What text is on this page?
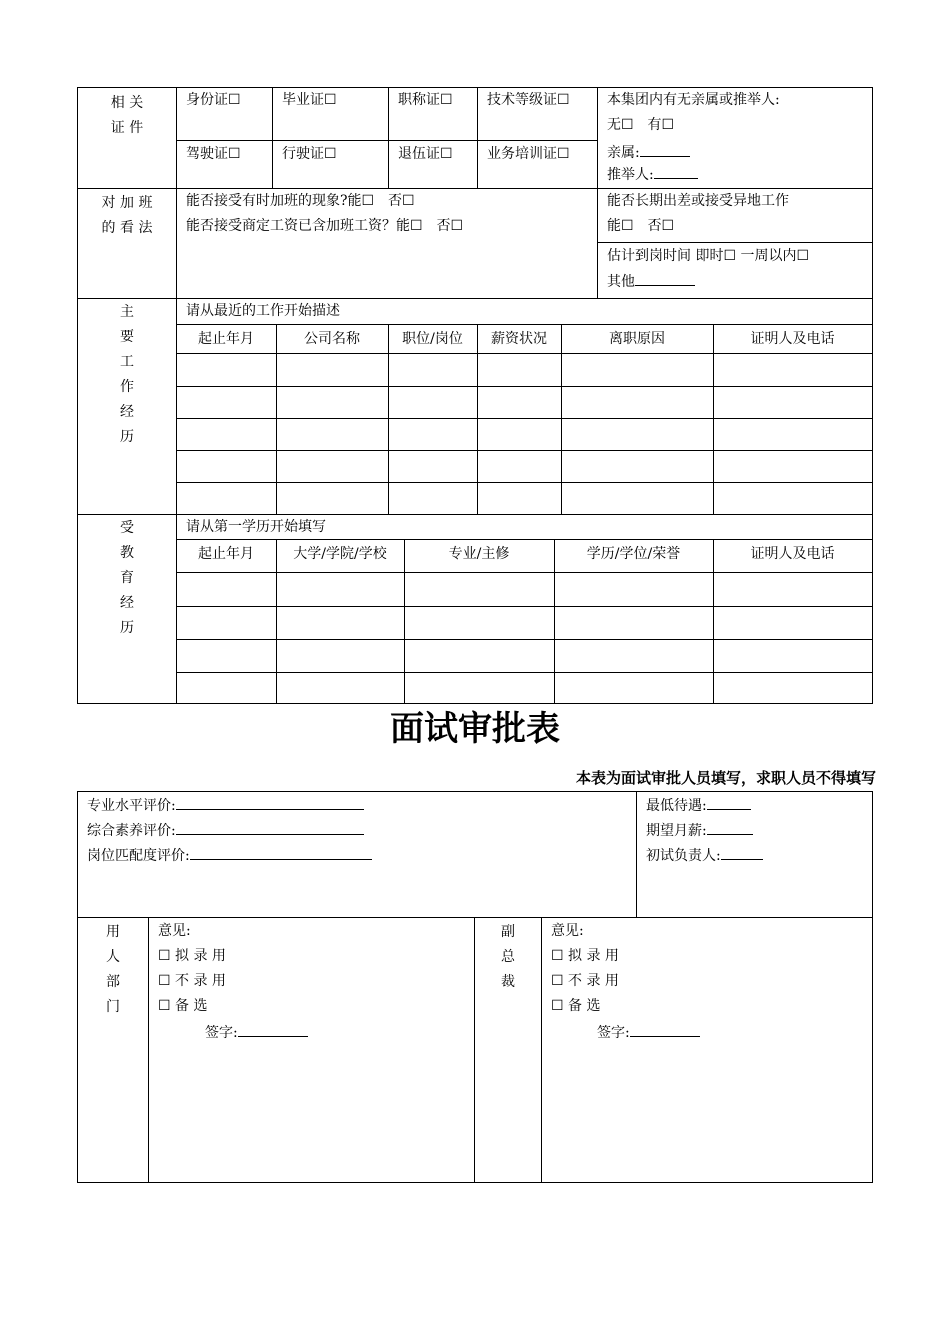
相 关
证 件
身份证☐	毕业证☐	职称证☐ 技术等级证☐
驾驶证☐	行驶证☐	退伍证☐ 业务培训证☐
本集团内有无亲属或推举人:
无☐　有☐
亲属:
推举人:
对 加 班
的 看 法
能否接受有时加班的现象?能☐　否☐
能否接受商定工资已含加班工资？能☐　否☐
能否长期出差或接受异地工作
能☐　否☐
估计到岗时间 即时☐ 一周以内☐
其他
主
要
工
作
经
历
请从最近的工作开始描述
起止年月	公司名称	职位/岗位	薪资状况	离职原因	证明人及电话
受
教
育
经
历
请从第一学历开始填写
起止年月	大学/学院/学校	专业/主修	学历/学位/荣誉	证明人及电话
面试审批表
本表为面试审批人员填写，求职人员不得填写
专业水平评价:
综合素养评价:
岗位匹配度评价:
最低待遇:
期望月薪:
初试负责人:
用
人
部
门
意见:
☐ 拟 录 用
☐ 不 录 用
☐ 备 选
签字:
副
总
裁
意见:
☐ 拟 录 用
☐ 不 录 用
☐ 备 选
签字:
